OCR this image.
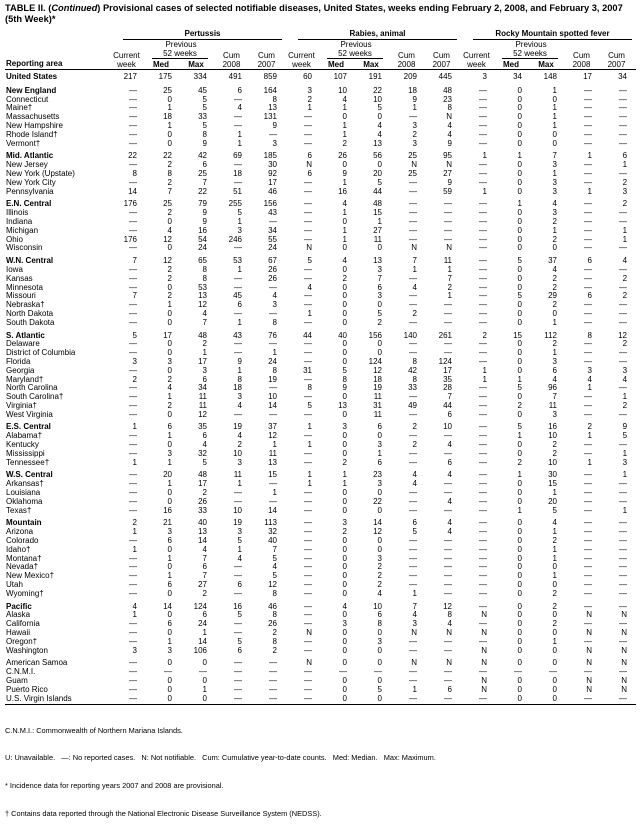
TABLE II. (Continued) Provisional cases of selected notifiable diseases, United States, weeks ending February 2, 2008, and February 3, 2007
(5th Week)*
Reporting area	Pertussis					Rabies, animal					Rocky Mountain spotted fever				

Current
week

Previous
52 weeks	Cum
2008

Cum
2007

Current
week

Previous
52 weeks	Cum
2008

Cum
2007

Current
week

Previous
52 weeks	Cum
2008

Cum
2007

		Med	Max				Med	Max				Med	Max		
United States	217	175	334	491	859	60	107	191	209	445	3	34	148	17	34

New England	—	25	45	6	164	3	10	22	18	48	—	0	1	—	—
Connecticut	—	0	5	—	8	2	4	10	9	23	—	0	0	—	—
Maine†	—	1	5	4	13	1	1	5	1	8	—	0	1	—	—
Massachusetts	—	18	33	—	131	—	0	0	—	N	—	0	1	—	—
New Hampshire	—	1	5	—	9	—	1	4	3	4	—	0	1	—	—
Rhode Island†	—	0	8	1	—	—	1	4	2	4	—	0	0	—	—
Vermont†	—	0	9	1	3	—	2	13	3	9	—	0	0	—	—

Mid. Atlantic	22	22	42	69	185	6	26	56	25	95	1	1	7	1	6
New Jersey	—	2	6	—	30	N	0	0	N	N	—	0	3	—	1
New York (Upstate)	8	8	25	18	92	6	9	20	25	27	—	0	1	—	—
New York City	—	2	7	—	17	—	1	5	—	9	—	0	3	—	2
Pennsylvania	14	7	22	51	46	—	16	44	—	59	1	0	3	1	3

E.N. Central	176	25	79	255	156	—	4	48	—	—	—	1	4	—	2
Illinois	—	2	9	5	43	—	1	15	—	—	—	0	3	—	—
Indiana	—	0	9	1	—	—	0	1	—	—	—	0	2	—	—
Michigan	—	4	16	3	34	—	1	27	—	—	—	0	1	—	1
Ohio	176	12	54	246	55	—	1	11	—	—	—	0	2	—	1
Wisconsin	—	0	24	—	24	N	0	0	N	N	—	0	0	—	—

W.N. Central	7	12	65	53	67	5	4	13	7	11	—	5	37	6	4
Iowa	—	2	8	1	26	—	0	3	1	1	—	0	4	—	—
Kansas	—	2	8	—	26	—	2	7	—	7	—	0	2	—	2
Minnesota	—	0	53	—	—	4	0	6	4	2	—	0	2	—	—
Missouri	7	2	13	45	4	—	0	3	—	1	—	5	29	6	2
Nebraska†	—	1	12	6	3	—	0	0	—	—	—	0	2	—	—
North Dakota	—	0	4	—	—	1	0	5	2	—	—	0	0	—	—
South Dakota	—	0	7	1	8	—	0	2	—	—	—	0	1	—	—

S. Atlantic	5	17	48	43	76	44	40	156	140	261	2	15	112	8	12
Delaware	—	0	2	—	—	—	0	0	—	—	—	0	2	—	2
District of Columbia	—	0	1	—	1	—	0	0	—	—	—	0	1	—	—
Florida	3	3	17	9	24	—	0	124	8	124	—	0	3	—	—
Georgia	—	0	3	1	8	31	5	12	42	17	1	0	6	3	3
Maryland†	2	2	6	8	19	—	8	18	8	35	1	1	4	4	4
North Carolina	—	4	34	18	—	8	9	19	33	28	—	5	96	1	—
South Carolina†	—	1	11	3	10	—	0	11	—	7	—	0	7	—	1
Virginia†	—	2	11	4	14	5	13	31	49	44	—	2	11	—	2
West Virginia	—	0	12	—	—	—	0	11	—	6	—	0	3	—	—

E.S. Central	1	6	35	19	37	1	3	6	2	10	—	5	16	2	9
Alabama†	—	1	6	4	12	—	0	0	—	—	—	1	10	1	5
Kentucky	—	0	4	2	1	1	0	3	2	4	—	0	2	—	—
Mississippi	—	3	32	10	11	—	0	1	—	—	—	0	2	—	1
Tennessee†	1	1	5	3	13	—	2	6	—	6	—	2	10	1	3

W.S. Central	—	20	48	11	15	1	1	23	4	4	—	1	30	—	1
Arkansas†	—	1	17	1	—	1	1	3	4	—	—	0	15	—	—
Louisiana	—	0	2	—	1	—	0	0	—	—	—	0	1	—	—
Oklahoma	—	0	26	—	—	—	0	22	—	4	—	0	20	—	—
Texas†	—	16	33	10	14	—	0	0	—	—	—	1	5	—	1

Mountain	2	21	40	19	113	—	3	14	6	4	—	0	4	—	—
Arizona	1	3	13	3	32	—	2	12	5	4	—	0	1	—	—
Colorado	—	6	14	5	40	—	0	0	—	—	—	0	2	—	—
Idaho†	1	0	4	1	7	—	0	0	—	—	—	0	1	—	—
Montana†	—	1	7	4	5	—	0	3	—	—	—	0	1	—	—
Nevada†	—	0	6	—	4	—	0	2	—	—	—	0	0	—	—
New Mexico†	—	1	7	—	5	—	0	2	—	—	—	0	1	—	—
Utah	—	6	27	6	12	—	0	2	—	—	—	0	0	—	—
Wyoming†	—	0	2	—	8	—	0	4	1	—	—	0	2	—	—

Pacific	4	14	124	16	46	—	4	10	7	12	—	0	2	—	—
Alaska	1	0	6	5	8	—	0	6	4	8	N	0	0	N	N
California	—	6	24	—	26	—	3	8	3	4	—	0	2	—	—
Hawaii	—	0	1	—	2	N	0	0	N	N	N	0	0	N	N
Oregon†	—	1	14	5	8	—	0	3	—	—	—	0	1	—	—
Washington	3	3	106	6	2	—	0	0	—	—	N	0	0	N	N

American Samoa	—	0	0	—	—	N	0	0	N	N	N	0	0	N	N
C.N.M.I.	—	—	—	—	—	—	—	—	—	—	—	—	—	—	—
Guam	—	0	0	—	—	—	0	0	—	—	N	0	0	N	N
Puerto Rico	—	0	1	—	—	—	0	5	1	6	N	0	0	N	N
U.S. Virgin Islands	—	0	0	—	—	—	0	0	—	—	—	0	0	—	—

C.N.M.I.: Commonwealth of Northern Mariana Islands.

U: Unavailable.   —: No reported cases.   N: Not notifiable.   Cum: Cumulative year-to-date counts.   Med: Median.   Max: Maximum.

* Incidence data for reporting years 2007 and 2008 are provisional.

† Contains data reported through the National Electronic Disease Surveillance System (NEDSS).
